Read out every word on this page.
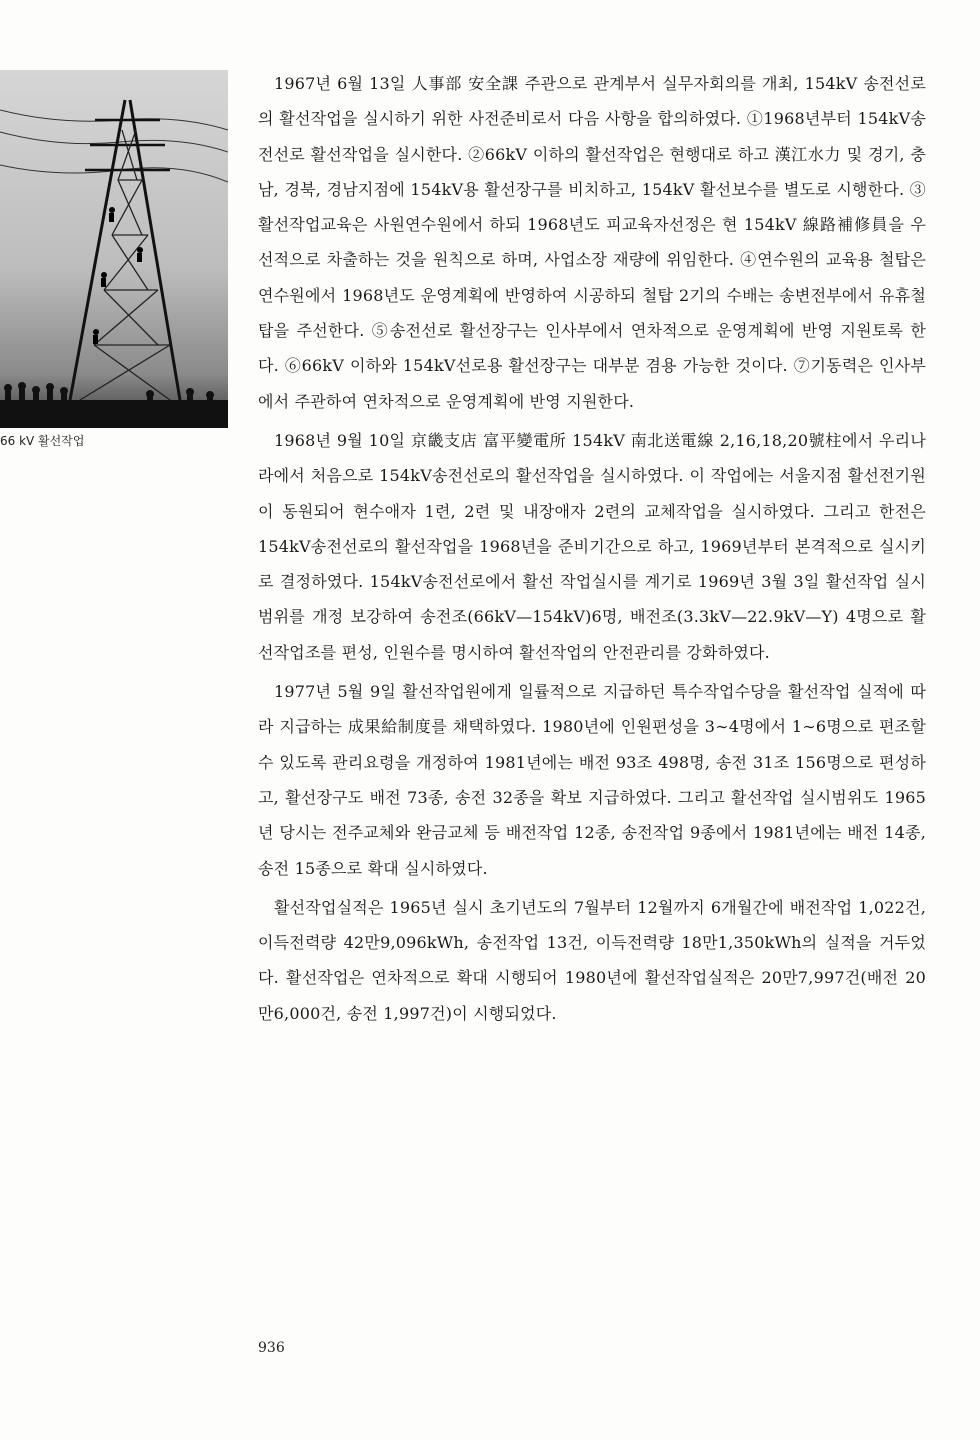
66 kV 활선작업

1967년 6월 13일 人事部 安全課 주관으로 관계부서 실무자회의를 개최, 154kV 송전선로의 활선작업을 실시하기 위한 사전준비로서 다음 사항을 합의하였다. ①1968년부터 154kV송전선로 활선작업을 실시한다. ②66kV 이하의 활선작업은 현행대로 하고 漢江水力 및 경기, 충남, 경북, 경남지점에 154kV용 활선장구를 비치하고, 154kV 활선보수를 별도로 시행한다. ③활선작업교육은 사원연수원에서 하되 1968년도 피교육자선정은 현 154kV 線路補修員을 우선적으로 차출하는 것을 원칙으로 하며, 사업소장 재량에 위임한다. ④연수원의 교육용 철탑은 연수원에서 1968년도 운영계획에 반영하여 시공하되 철탑 2기의 수배는 송변전부에서 유휴철탑을 주선한다. ⑤송전선로 활선장구는 인사부에서 연차적으로 운영계획에 반영 지원토록 한다. ⑥66kV 이하와 154kV선로용 활선장구는 대부분 겸용 가능한 것이다. ⑦기동력은 인사부에서 주관하여 연차적으로 운영계획에 반영 지원한다.

1968년 9월 10일 京畿支店 富平變電所 154kV 南北送電線 2,16,18,20號柱에서 우리나라에서 처음으로 154kV송전선로의 활선작업을 실시하였다. 이 작업에는 서울지점 활선전기원이 동원되어 현수애자 1련, 2련 및 내장애자 2련의 교체작업을 실시하였다. 그리고 한전은 154kV송전선로의 활선작업을 1968년을 준비기간으로 하고, 1969년부터 본격적으로 실시키로 결정하였다. 154kV송전선로에서 활선 작업실시를 계기로 1969년 3월 3일 활선작업 실시범위를 개정 보강하여 송전조(66kV—154kV)6명, 배전조(3.3kV—22.9kV—Y) 4명으로 활선작업조를 편성, 인원수를 명시하여 활선작업의 안전관리를 강화하였다.

1977년 5월 9일 활선작업원에게 일률적으로 지급하던 특수작업수당을 활선작업 실적에 따라 지급하는 成果給制度를 채택하였다. 1980년에 인원편성을 3∼4명에서 1∼6명으로 편조할 수 있도록 관리요령을 개정하여 1981년에는 배전 93조 498명, 송전 31조 156명으로 편성하고, 활선장구도 배전 73종, 송전 32종을 확보 지급하였다. 그리고 활선작업 실시범위도 1965년 당시는 전주교체와 완금교체 등 배전작업 12종, 송전작업 9종에서 1981년에는 배전 14종, 송전 15종으로 확대 실시하였다.

활선작업실적은 1965년 실시 초기년도의 7월부터 12월까지 6개월간에 배전작업 1,022건, 이득전력량 42만9,096kWh, 송전작업 13건, 이득전력량 18만1,350kWh의 실적을 거두었다. 활선작업은 연차적으로 확대 시행되어 1980년에 활선작업실적은 20만7,997건(배전 20만6,000건, 송전 1,997건)이 시행되었다.

936
